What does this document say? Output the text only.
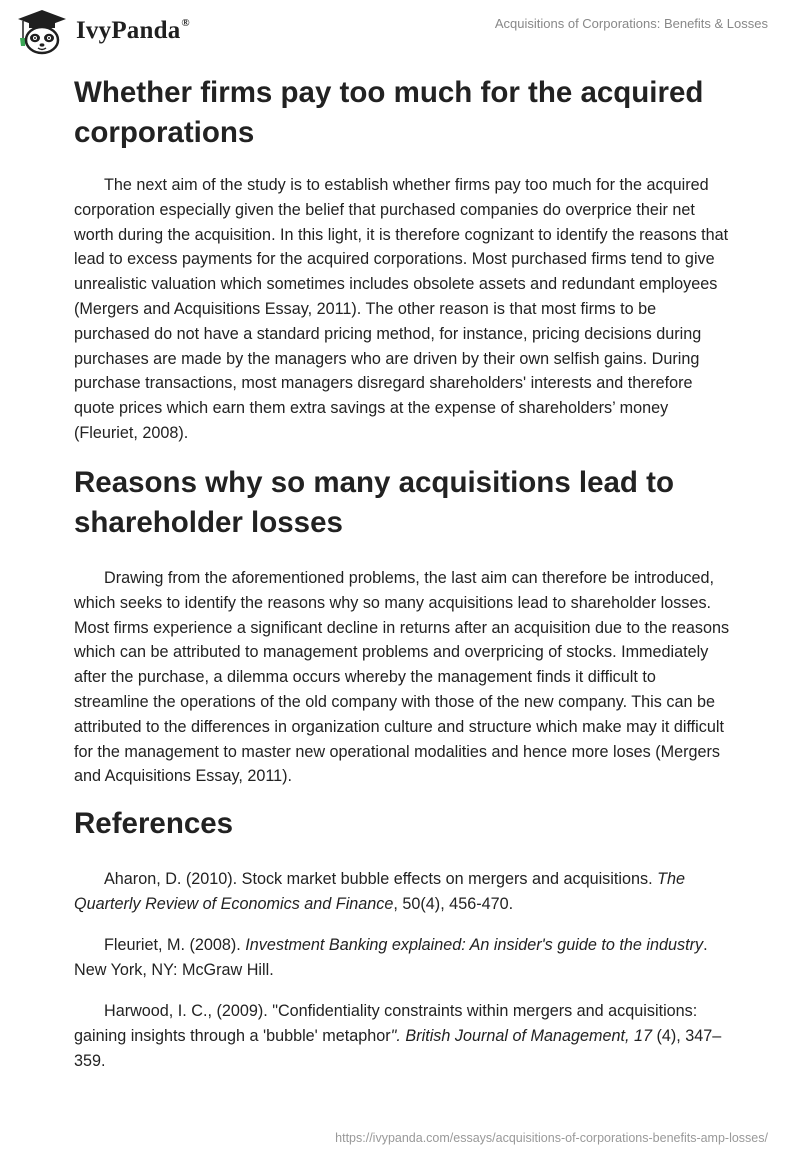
IvyPanda®	Acquisitions of Corporations: Benefits & Losses
Whether firms pay too much for the acquired corporations

The next aim of the study is to establish whether firms pay too much for the acquired corporation especially given the belief that purchased companies do overprice their net worth during the acquisition. In this light, it is therefore cognizant to identify the reasons that lead to excess payments for the acquired corporations. Most purchased firms tend to give unrealistic valuation which sometimes includes obsolete assets and redundant employees (Mergers and Acquisitions Essay, 2011). The other reason is that most firms to be purchased do not have a standard pricing method, for instance, pricing decisions during purchases are made by the managers who are driven by their own selfish gains. During purchase transactions, most managers disregard shareholders' interests and therefore quote prices which earn them extra savings at the expense of shareholders’ money (Fleuriet, 2008).

Reasons why so many acquisitions lead to shareholder losses

Drawing from the aforementioned problems, the last aim can therefore be introduced, which seeks to identify the reasons why so many acquisitions lead to shareholder losses. Most firms experience a significant decline in returns after an acquisition due to the reasons which can be attributed to management problems and overpricing of stocks. Immediately after the purchase, a dilemma occurs whereby the management finds it difficult to streamline the operations of the old company with those of the new company. This can be attributed to the differences in organization culture and structure which make may it difficult for the management to master new operational modalities and hence more loses (Mergers and Acquisitions Essay, 2011).

References

Aharon, D. (2010). Stock market bubble effects on mergers and acquisitions. The Quarterly Review of Economics and Finance, 50(4), 456-470.

Fleuriet, M. (2008). Investment Banking explained: An insider's guide to the industry. New York, NY: McGraw Hill.

Harwood, I. C., (2009). "Confidentiality constraints within mergers and acquisitions: gaining insights through a 'bubble' metaphor". British Journal of Management, 17 (4), 347–359.

https://ivypanda.com/essays/acquisitions-of-corporations-benefits-amp-losses/
